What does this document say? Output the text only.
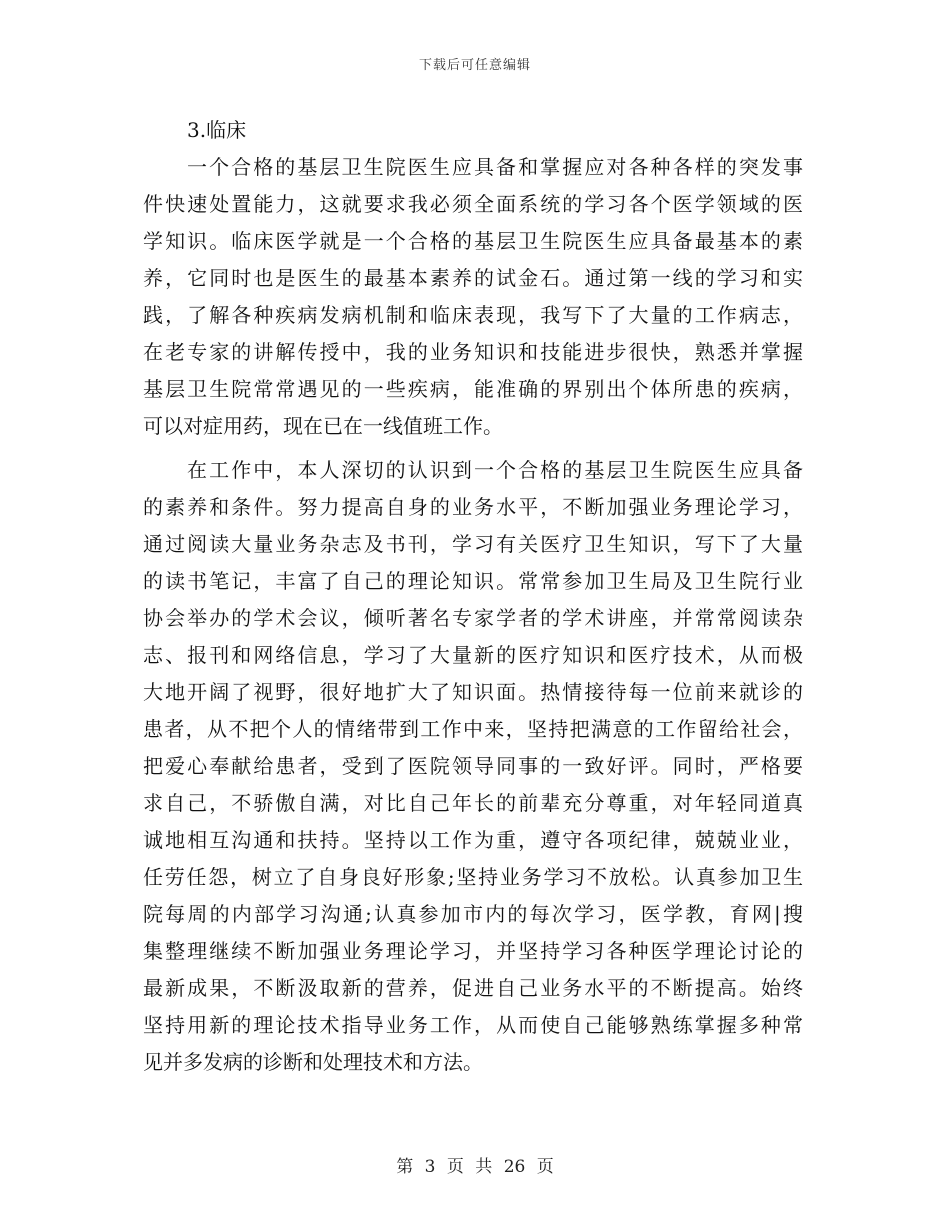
下载后可任意编辑
3.临床
一个合格的基层卫生院医生应具备和掌握应对各种各样的突发事
件快速处置能力，这就要求我必须全面系统的学习各个医学领域的医
学知识。临床医学就是一个合格的基层卫生院医生应具备最基本的素
养，它同时也是医生的最基本素养的试金石。通过第一线的学习和实
践，了解各种疾病发病机制和临床表现，我写下了大量的工作病志，
在老专家的讲解传授中，我的业务知识和技能进步很快，熟悉并掌握
基层卫生院常常遇见的一些疾病，能准确的界别出个体所患的疾病，
可以对症用药，现在已在一线值班工作。
在工作中，本人深切的认识到一个合格的基层卫生院医生应具备
的素养和条件。努力提高自身的业务水平，不断加强业务理论学习，
通过阅读大量业务杂志及书刊，学习有关医疗卫生知识，写下了大量
的读书笔记，丰富了自己的理论知识。常常参加卫生局及卫生院行业
协会举办的学术会议，倾听著名专家学者的学术讲座，并常常阅读杂
志、报刊和网络信息，学习了大量新的医疗知识和医疗技术，从而极
大地开阔了视野，很好地扩大了知识面。热情接待每一位前来就诊的
患者，从不把个人的情绪带到工作中来，坚持把满意的工作留给社会，
把爱心奉献给患者，受到了医院领导同事的一致好评。同时，严格要
求自己，不骄傲自满，对比自己年长的前辈充分尊重，对年轻同道真
诚地相互沟通和扶持。坚持以工作为重，遵守各项纪律，兢兢业业，
任劳任怨，树立了自身良好形象;坚持业务学习不放松。认真参加卫生
院每周的内部学习沟通;认真参加市内的每次学习，医学教，育网|搜
集整理继续不断加强业务理论学习，并坚持学习各种医学理论讨论的
最新成果，不断汲取新的营养，促进自己业务水平的不断提高。始终
坚持用新的理论技术指导业务工作，从而使自己能够熟练掌握多种常
见并多发病的诊断和处理技术和方法。
第 3 页 共 26 页
